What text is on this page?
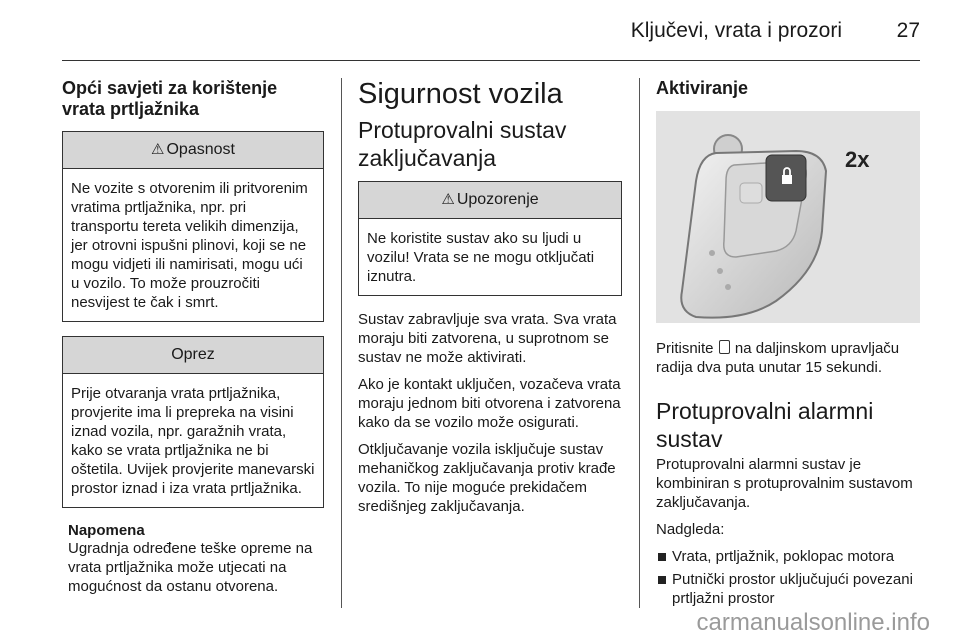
Ključevi, vrata i prozori	27
Opći savjeti za korištenje vrata prtljažnika
⚠ Opasnost
Ne vozite s otvorenim ili pritvorenim vratima prtljažnika, npr. pri transportu tereta velikih dimenzija, jer otrovni ispušni plinovi, koji se ne mogu vidjeti ili namirisati, mogu ući u vozilo. To može prouzročiti nesvijest te čak i smrt.
Oprez
Prije otvaranja vrata prtljažnika, provjerite ima li prepreka na visini iznad vozila, npr. garažnih vrata, kako se vrata prtljažnika ne bi oštetila. Uvijek provjerite manevarski prostor iznad i iza vrata prtljažnika.
Napomena
Ugradnja određene teške opreme na vrata prtljažnika može utjecati na mogućnost da ostanu otvorena.
Sigurnost vozila
Protuprovalni sustav zaključavanja
⚠ Upozorenje
Ne koristite sustav ako su ljudi u vozilu! Vrata se ne mogu otključati iznutra.
Sustav zabravljuje sva vrata. Sva vrata moraju biti zatvorena, u suprotnom se sustav ne može aktivirati.
Ako je kontakt uključen, vozačeva vrata moraju jednom biti otvorena i zatvorena kako da se vozilo može osigurati.
Otključavanje vozila isključuje sustav mehaničkog zaključavanja protiv krađe vozila. To nije moguće prekidačem središnjeg zaključavanja.
Aktiviranje
2x
Pritisnite na daljinskom upravljaču radija dva puta unutar 15 sekundi.
Protuprovalni alarmni sustav
Protuprovalni alarmni sustav je kombiniran s protuprovalnim sustavom zaključavanja.
Nadgleda:
Vrata, prtljažnik, poklopac motora
Putnički prostor uključujući povezani prtljažni prostor
carmanualsonline.info
